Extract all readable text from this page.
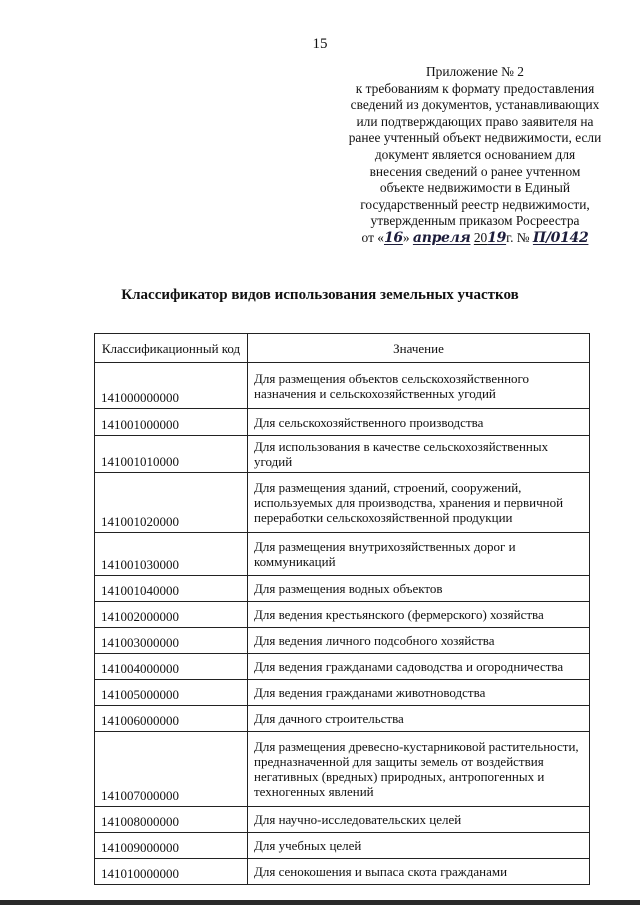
15
Приложение № 2
к требованиям к формату предоставления
сведений из документов, устанавливающих
или подтверждающих право заявителя на
ранее учтенный объект недвижимости, если
документ является основанием для
внесения сведений о ранее учтенном
объекте недвижимости в Единый
государственный реестр недвижимости,
утвержденным приказом Росреестра
от «16» апреля 2019г. № П/0142
Классификатор видов использования земельных участков
Классификационный код	Значение
141000000000	Для размещения объектов сельскохозяйственного назначения и сельскохозяйственных угодий
141001000000	Для сельскохозяйственного производства
141001010000	Для использования в качестве сельскохозяйственных угодий
141001020000	Для размещения зданий, строений, сооружений, используемых для производства, хранения и первичной переработки сельскохозяйственной продукции
141001030000	Для размещения внутрихозяйственных дорог и коммуникаций
141001040000	Для размещения водных объектов
141002000000	Для ведения крестьянского (фермерского) хозяйства
141003000000	Для ведения личного подсобного хозяйства
141004000000	Для ведения гражданами садоводства и огородничества
141005000000	Для ведения гражданами животноводства
141006000000	Для дачного строительства
141007000000	Для размещения древесно-кустарниковой растительности, предназначенной для защиты земель от воздействия негативных (вредных) природных, антропогенных и техногенных явлений
141008000000	Для научно-исследовательских целей
141009000000	Для учебных целей
141010000000	Для сенокошения и выпаса скота гражданами
